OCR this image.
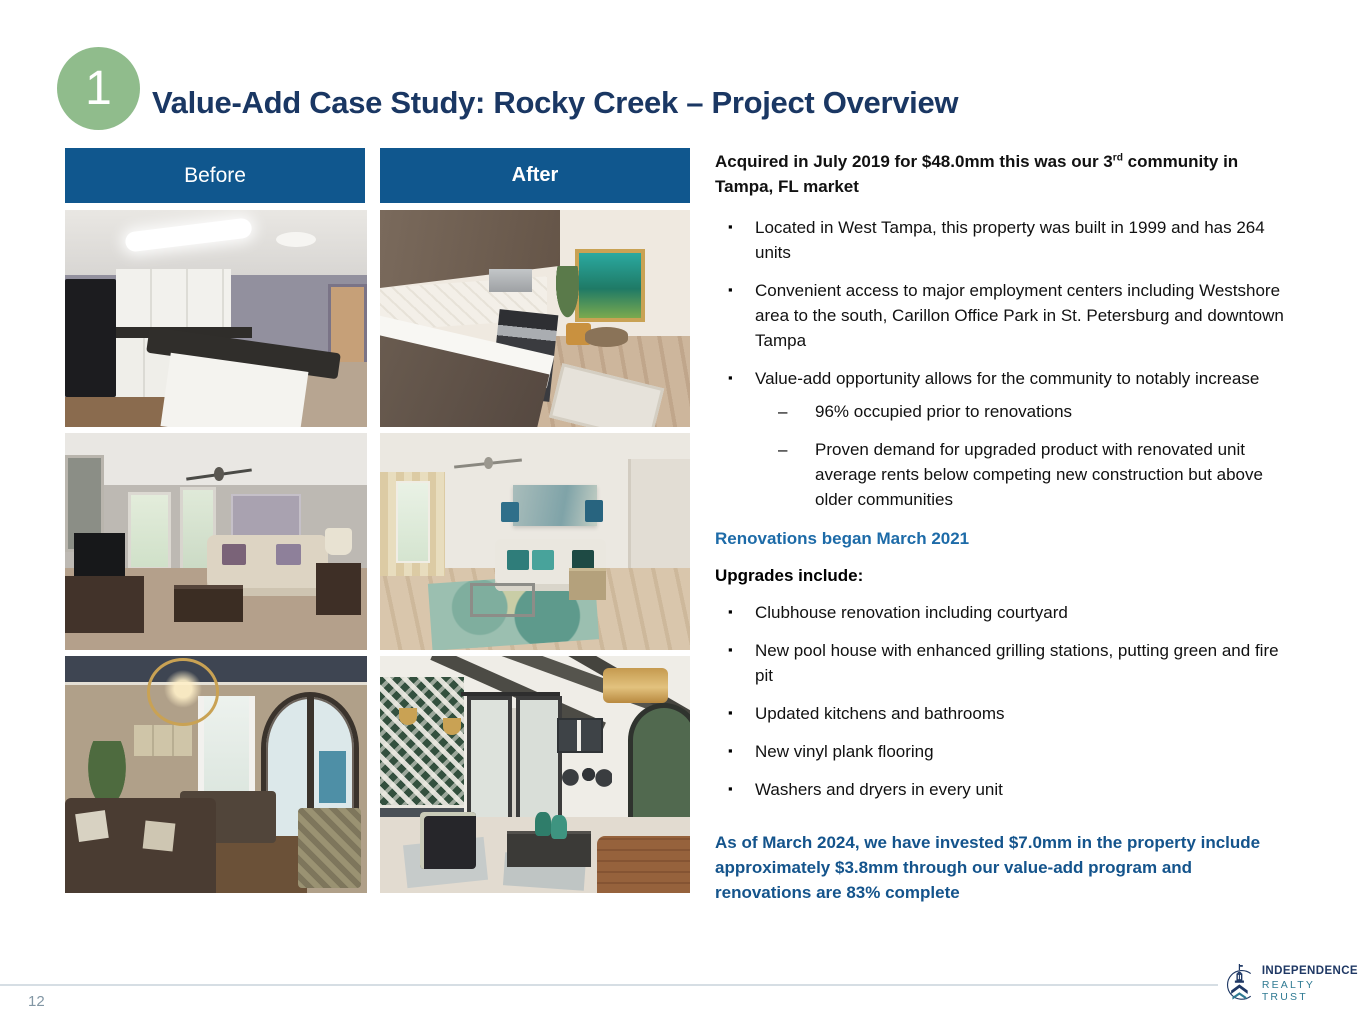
1 Value-Add Case Study: Rocky Creek – Project Overview
Before	After

Acquired in July 2019 for $48.0mm this was our 3rd community in Tampa, FL market

▪ Located in West Tampa, this property was built in 1999 and has 264 units
▪ Convenient access to major employment centers including Westshore area to the south, Carillon Office Park in St. Petersburg and downtown Tampa
▪ Value-add opportunity allows for the community to notably increase
– 96% occupied prior to renovations
– Proven demand for upgraded product with renovated unit average rents below competing new construction but above older communities

Renovations began March 2021

Upgrades include:

▪ Clubhouse renovation including courtyard
▪ New pool house with enhanced grilling stations, putting green and fire pit
▪ Updated kitchens and bathrooms
▪ New vinyl plank flooring
▪ Washers and dryers in every unit

As of March 2024, we have invested $7.0mm in the property include approximately $3.8mm through our value-add program and renovations are 83% complete

12
INDEPENDENCE
REALTY TRUST
